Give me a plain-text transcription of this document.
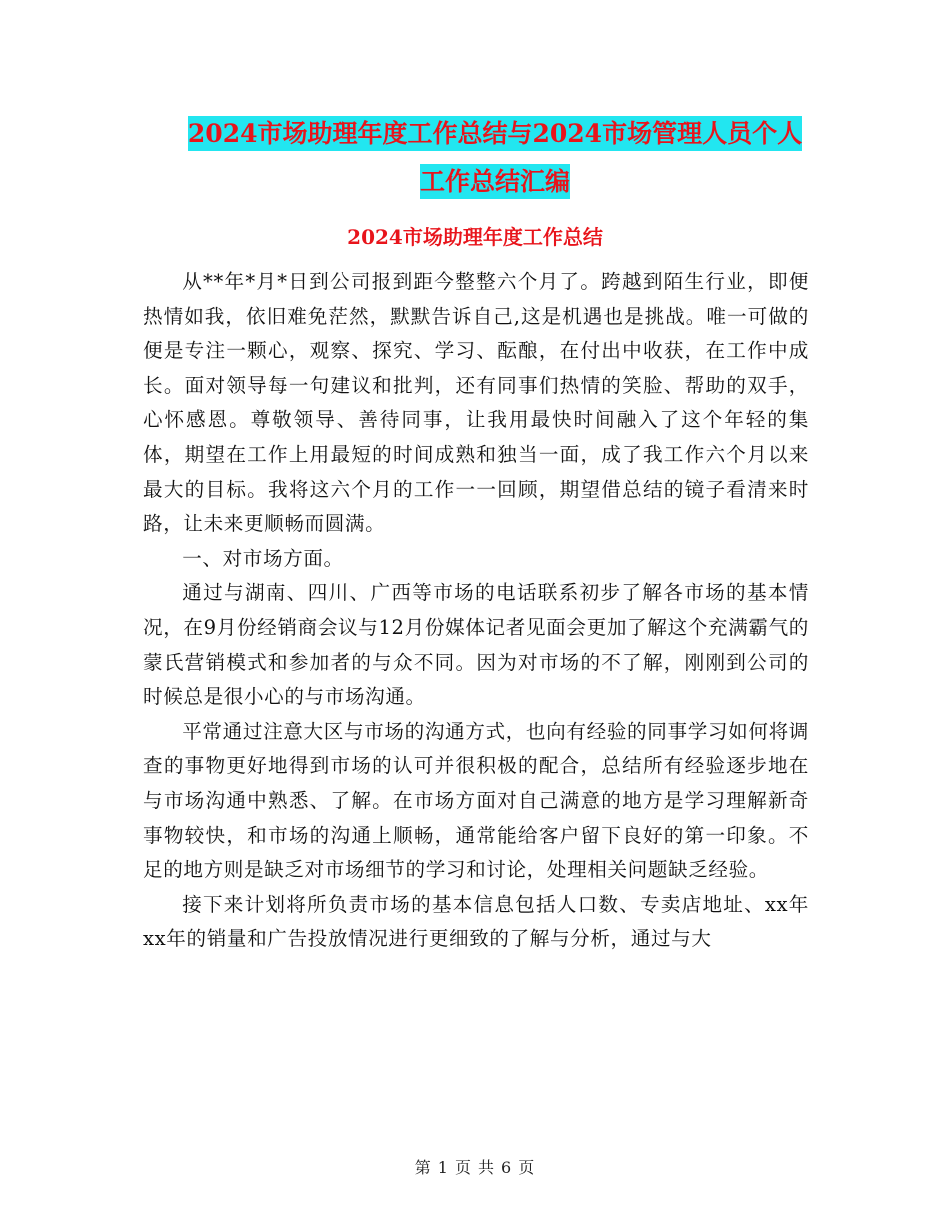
2024市场助理年度工作总结与2024市场管理人员个人
工作总结汇编
2024市场助理年度工作总结

从**年*月*日到公司报到距今整整六个月了。跨越到陌生行业，即便热情如我，依旧难免茫然，默默告诉自己,这是机遇也是挑战。唯一可做的便是专注一颗心，观察、探究、学习、酝酿，在付出中收获，在工作中成长。面对领导每一句建议和批判，还有同事们热情的笑脸、帮助的双手，心怀感恩。尊敬领导、善待同事，让我用最快时间融入了这个年轻的集体，期望在工作上用最短的时间成熟和独当一面，成了我工作六个月以来最大的目标。我将这六个月的工作一一回顾，期望借总结的镜子看清来时路，让未来更顺畅而圆满。

一、对市场方面。

通过与湖南、四川、广西等市场的电话联系初步了解各市场的基本情况，在9月份经销商会议与12月份媒体记者见面会更加了解这个充满霸气的蒙氏营销模式和参加者的与众不同。因为对市场的不了解，刚刚到公司的时候总是很小心的与市场沟通。

平常通过注意大区与市场的沟通方式，也向有经验的同事学习如何将调查的事物更好地得到市场的认可并很积极的配合，总结所有经验逐步地在与市场沟通中熟悉、了解。在市场方面对自己满意的地方是学习理解新奇事物较快，和市场的沟通上顺畅，通常能给客户留下良好的第一印象。不足的地方则是缺乏对市场细节的学习和讨论，处理相关问题缺乏经验。

接下来计划将所负责市场的基本信息包括人口数、专卖店地址、xx年xx年的销量和广告投放情况进行更细致的了解与分析，通过与大

第 1 页 共 6 页
